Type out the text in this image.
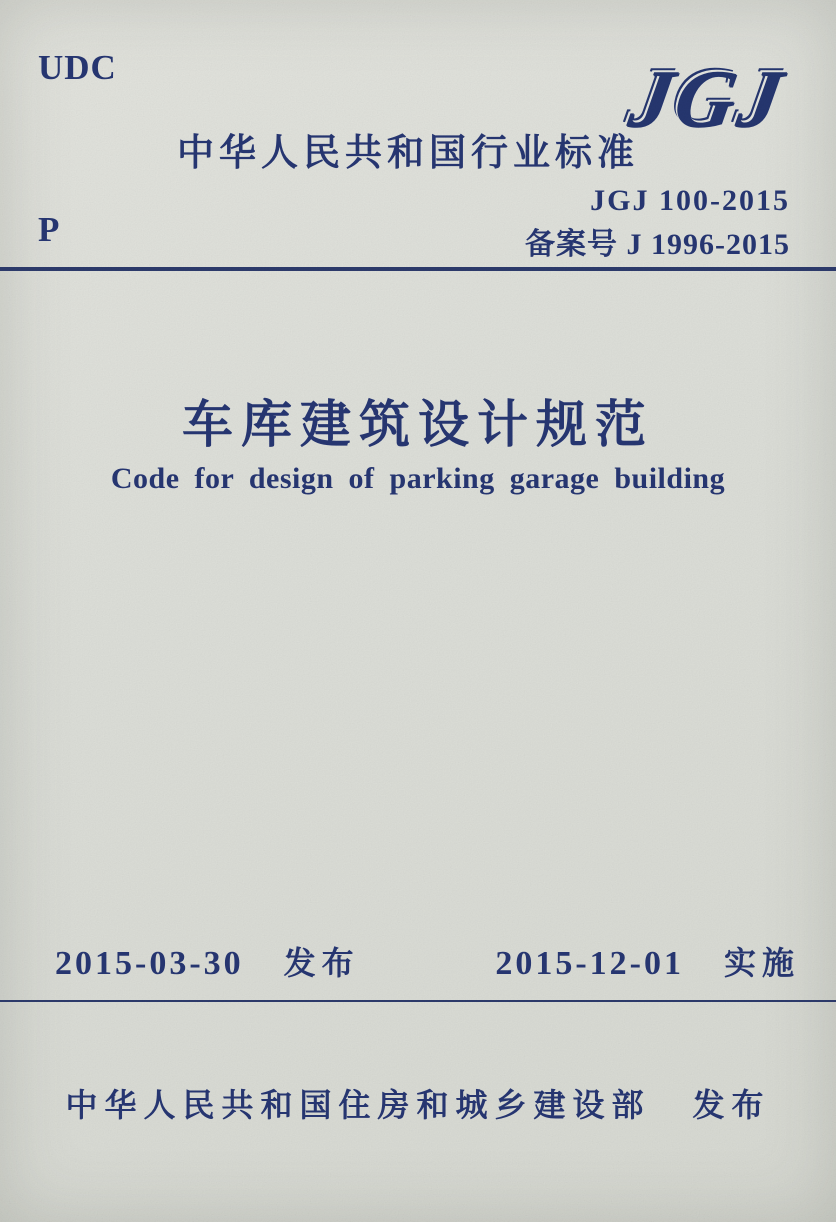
UDC
中华人民共和国行业标准
JGJ
JGJ 100-2015
备案号 J 1996-2015
P
车库建筑设计规范
Code for design of parking garage building
2015-03-30 发布	2015-12-01 实施
中华人民共和国住房和城乡建设部 发布
